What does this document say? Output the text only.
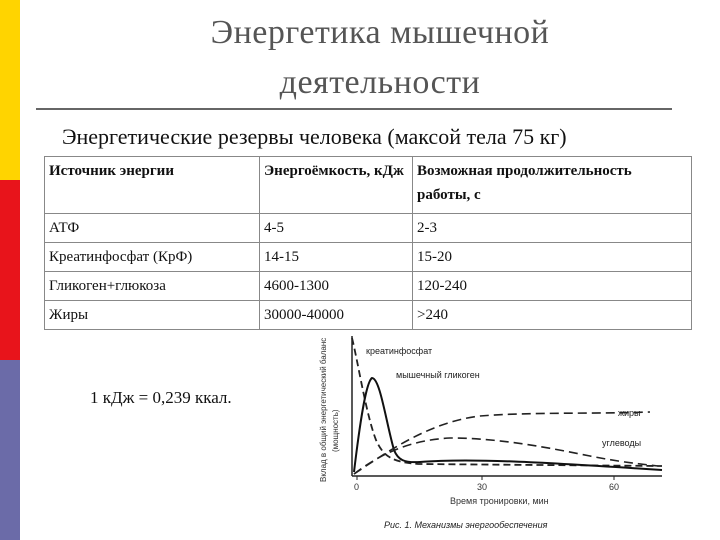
Энергетика мышечной
деятельности
Энергетические резервы человека (максой тела 75 кг)
Источник энергии	Энергоёмкость, кДж	Возможная продолжительность работы, с
АТФ	4-5	2-3
Креатинфосфат (КрФ)	14-15	15-20
Гликоген+глюкоза	4600-1300	120-240
Жиры	30000-40000	>240
1 кДж = 0,239 ккал.	Вклад в общий энергетический баланс (мощность)
0	30	60
Время тронировки, мин
креатинфосфат
мышечный гликоген
жиры
углеводы
Рис. 1. Механизмы энергообеспечения
